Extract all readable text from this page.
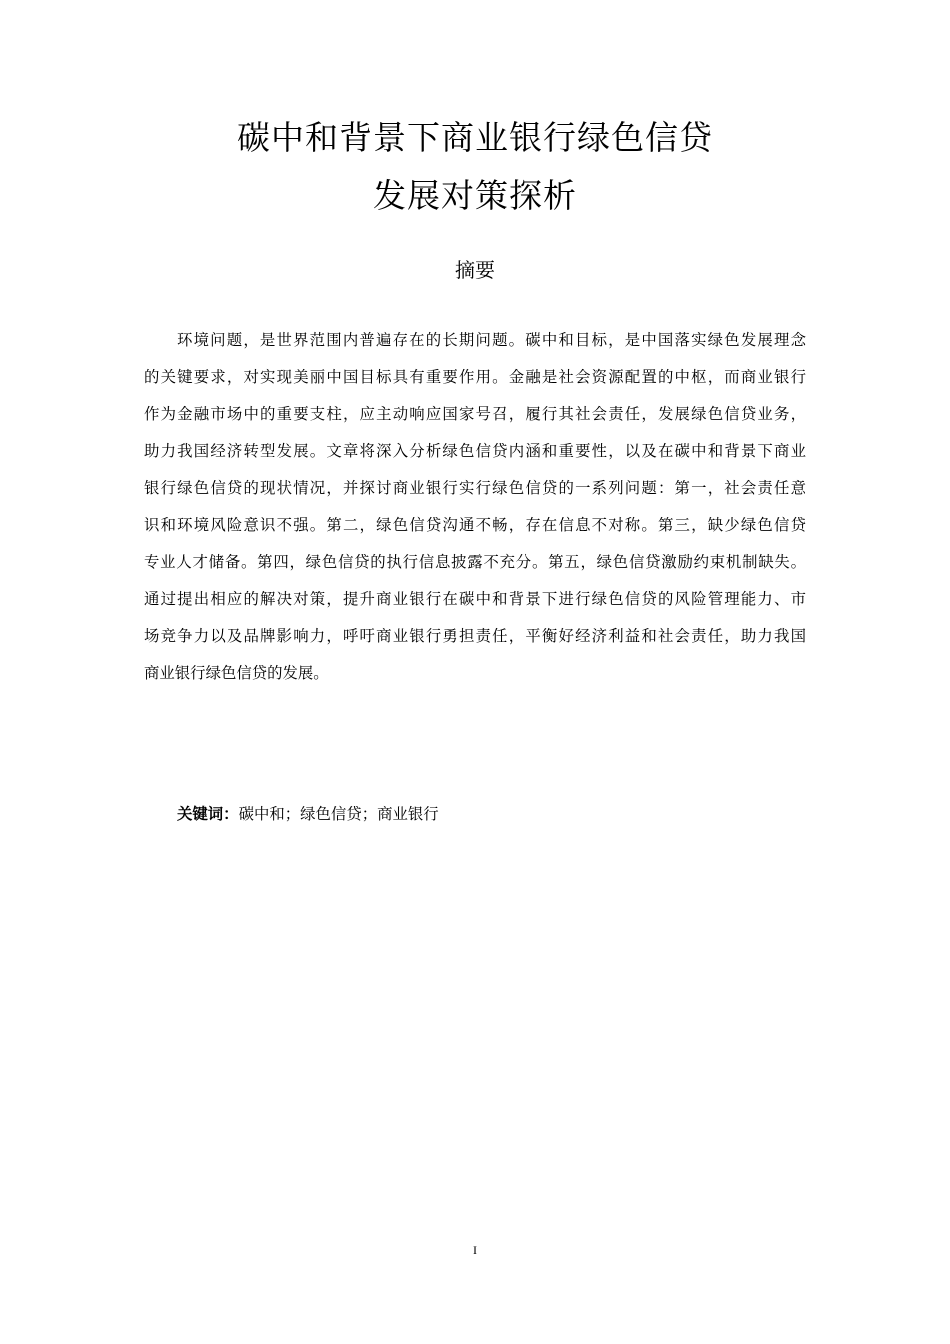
碳中和背景下商业银行绿色信贷
发展对策探析
摘要
环境问题，是世界范围内普遍存在的长期问题。碳中和目标，是中国落实绿色发展理念
的关键要求，对实现美丽中国目标具有重要作用。金融是社会资源配置的中枢，而商业银行
作为金融市场中的重要支柱，应主动响应国家号召，履行其社会责任，发展绿色信贷业务，
助力我国经济转型发展。文章将深入分析绿色信贷内涵和重要性，以及在碳中和背景下商业
银行绿色信贷的现状情况，并探讨商业银行实行绿色信贷的一系列问题：第一，社会责任意
识和环境风险意识不强。第二，绿色信贷沟通不畅，存在信息不对称。第三，缺少绿色信贷
专业人才储备。第四，绿色信贷的执行信息披露不充分。第五，绿色信贷激励约束机制缺失。
通过提出相应的解决对策，提升商业银行在碳中和背景下进行绿色信贷的风险管理能力、市
场竞争力以及品牌影响力，呼吁商业银行勇担责任，平衡好经济利益和社会责任，助力我国
商业银行绿色信贷的发展。
关键词：碳中和；绿色信贷；商业银行
I
